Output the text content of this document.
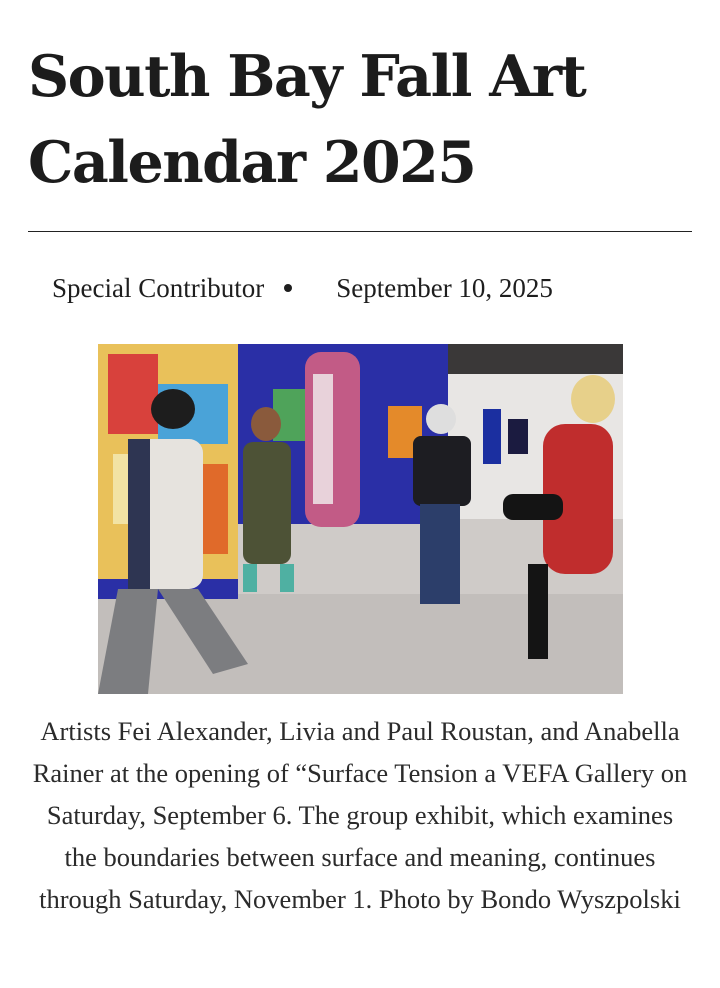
South Bay Fall Art Calendar 2025
Special Contributor	September 10, 2025

Artists Fei Alexander, Livia and Paul Roustan, and Anabella Rainer at the opening of “Surface Tension a VEFA Gallery on Saturday, September 6. The group exhibit, which examines the boundaries between surface and meaning, continues through Saturday, November 1. Photo by Bondo Wyszpolski
